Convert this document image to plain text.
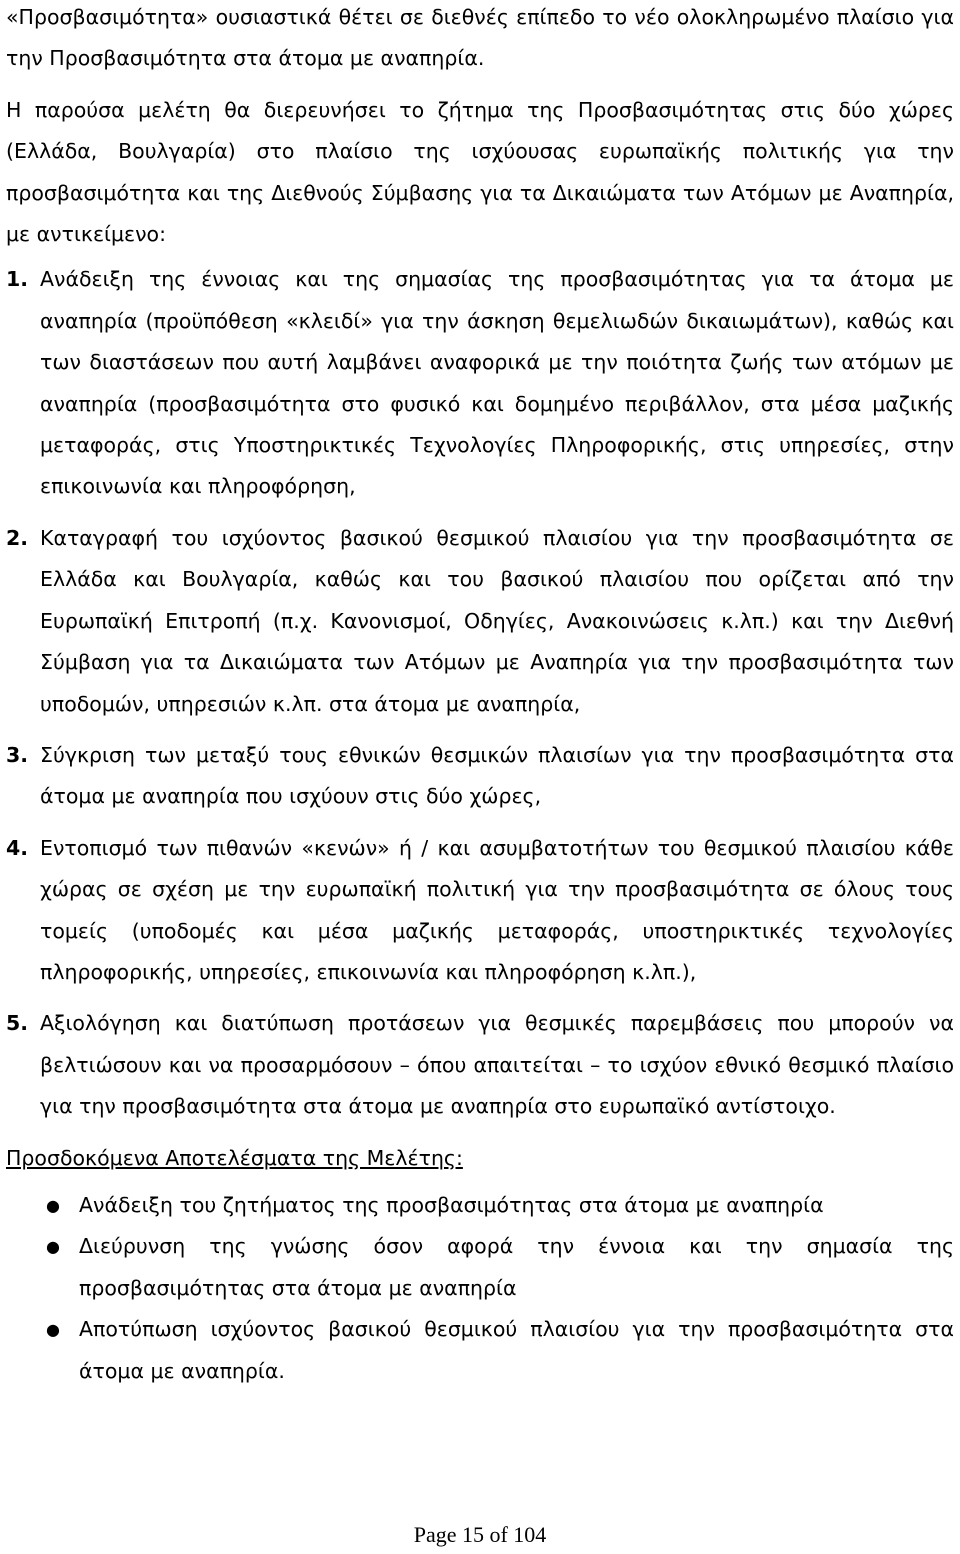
«Προσβασιμότητα» ουσιαστικά θέτει σε διεθνές επίπεδο το νέο ολοκληρωμένο πλαίσιο για την Προσβασιμότητα στα άτομα με αναπηρία.

Η παρούσα μελέτη θα διερευνήσει το ζήτημα της Προσβασιμότητας στις δύο χώρες (Ελλάδα, Βουλγαρία) στο πλαίσιο της ισχύουσας ευρωπαϊκής πολιτικής για την προσβασιμότητα και της Διεθνούς Σύμβασης για τα Δικαιώματα των Ατόμων με Αναπηρία, με αντικείμενο:

1. Ανάδειξη της έννοιας και της σημασίας της προσβασιμότητας για τα άτομα με αναπηρία (προϋπόθεση «κλειδί» για την άσκηση θεμελιωδών δικαιωμάτων), καθώς και των διαστάσεων που αυτή λαμβάνει αναφορικά με την ποιότητα ζωής των ατόμων με αναπηρία (προσβασιμότητα στο φυσικό και δομημένο περιβάλλον, στα μέσα μαζικής μεταφοράς, στις Υποστηρικτικές Τεχνολογίες Πληροφορικής, στις υπηρεσίες, στην επικοινωνία και πληροφόρηση,
2. Καταγραφή του ισχύοντος βασικού θεσμικού πλαισίου για την προσβασιμότητα σε Ελλάδα και Βουλγαρία, καθώς και του βασικού πλαισίου που ορίζεται από την Ευρωπαϊκή Επιτροπή (π.χ. Κανονισμοί, Οδηγίες, Ανακοινώσεις κ.λπ.) και την Διεθνή Σύμβαση για τα Δικαιώματα των Ατόμων με Αναπηρία για την προσβασιμότητα των υποδομών, υπηρεσιών κ.λπ. στα άτομα με αναπηρία,
3. Σύγκριση των μεταξύ τους εθνικών θεσμικών πλαισίων για την προσβασιμότητα στα άτομα με αναπηρία που ισχύουν στις δύο χώρες,
4. Εντοπισμό των πιθανών «κενών» ή / και ασυμβατοτήτων του θεσμικού πλαισίου κάθε χώρας σε σχέση με την ευρωπαϊκή πολιτική για την προσβασιμότητα σε όλους τους τομείς (υποδομές και μέσα μαζικής μεταφοράς, υποστηρικτικές τεχνολογίες πληροφορικής, υπηρεσίες, επικοινωνία και πληροφόρηση κ.λπ.),
5. Αξιολόγηση και διατύπωση προτάσεων για θεσμικές παρεμβάσεις που μπορούν να βελτιώσουν και να προσαρμόσουν – όπου απαιτείται – το ισχύον εθνικό θεσμικό πλαίσιο για την προσβασιμότητα στα άτομα με αναπηρία στο ευρωπαϊκό αντίστοιχο.

Προσδοκόμενα Αποτελέσματα της Μελέτης:

● Ανάδειξη του ζητήματος της προσβασιμότητας στα άτομα με αναπηρία
● Διεύρυνση της γνώσης όσον αφορά την έννοια και την σημασία της προσβασιμότητας στα άτομα με αναπηρία
● Αποτύπωση ισχύοντος βασικού θεσμικού πλαισίου για την προσβασιμότητα στα άτομα με αναπηρία.
Page 15 of 104
